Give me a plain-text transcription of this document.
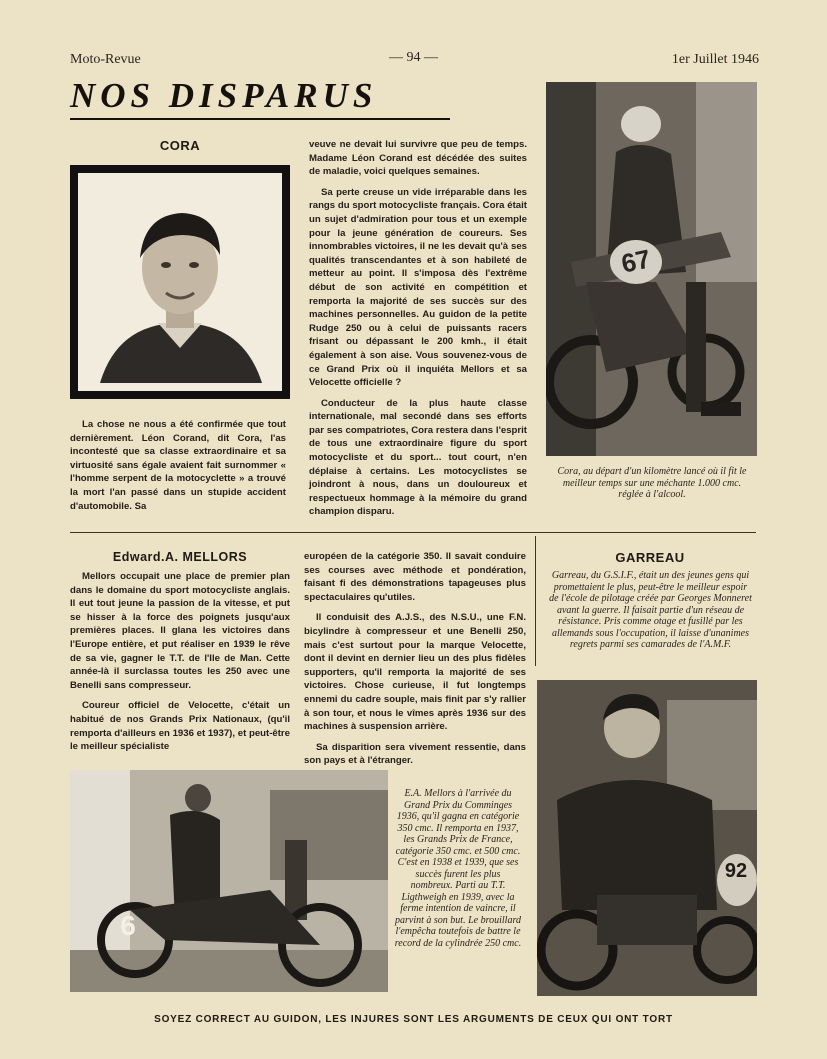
Moto-Revue	— 94 —	1er Juillet 1946
NOS DISPARUS
CORA

La chose ne nous a été confirmée que tout dernièrement. Léon Corand, dit Cora, l'as incontesté que sa classe extraordinaire et sa virtuosité sans égale avaient fait surnommer « l'homme serpent de la motocyclette » a trouvé la mort l'an passé dans un stupide accident d'automobile. Sa

veuve ne devait lui survivre que peu de temps. Madame Léon Corand est décédée des suites de maladie, voici quelques semaines.

Sa perte creuse un vide irréparable dans les rangs du sport motocycliste français. Cora était un sujet d'admiration pour tous et un exemple pour la jeune génération de coureurs. Ses innombrables victoires, il ne les devait qu'à ses qualités transcendantes et à son habileté de metteur au point. Il s'imposa dès l'extrême début de son activité en compétition et remporta la majorité de ses succès sur des machines personnelles. Au guidon de la petite Rudge 250 ou à celui de puissants racers frisant ou dépassant le 200 kmh., il était également à son aise. Vous souvenez-vous de ce Grand Prix où il inquiéta Mellors et sa Velocette officielle ?

Conducteur de la plus haute classe internationale, mal secondé dans ses efforts par ses compatriotes, Cora restera dans l'esprit de tous une extraordinaire figure du sport motocycliste et du sport... tout court, n'en déplaise à certains. Les motocyclistes se joindront à nous, dans un douloureux et respectueux hommage à la mémoire du grand champion disparu.

67
Cora, au départ d'un kilomètre lancé où il fit le meilleur temps sur une méchante 1.000 cmc. réglée à l'alcool.
Edward.A. MELLORS

Mellors occupait une place de premier plan dans le domaine du sport motocycliste anglais. Il eut tout jeune la passion de la vitesse, et put se hisser à la force des poignets jusqu'aux premières places. Il glana les victoires dans l'Europe entière, et put réaliser en 1939 le rêve de sa vie, gagner le T.T. de l'Ile de Man. Cette année-là il surclassa toutes les 250 avec une Benelli sans compresseur.

Coureur officiel de Velocette, c'était un habitué de nos Grands Prix Nationaux, (qu'il remporta d'ailleurs en 1936 et 1937), et peut-être le meilleur spécialiste

européen de la catégorie 350. Il savait conduire ses courses avec méthode et pondération, faisant fi des démonstrations tapageuses plus spectaculaires qu'utiles.

Il conduisit des A.J.S., des N.S.U., une F.N. bicylindre à compresseur et une Benelli 250, mais c'est surtout pour la marque Velocette, dont il devint en dernier lieu un des plus fidèles supporters, qu'il remporta la majorité de ses victoires. Chose curieuse, il fut longtemps ennemi du cadre souple, mais finit par s'y rallier à son tour, et nous le vîmes après 1936 sur des machines à suspension arrière.

Sa disparition sera vivement ressentie, dans son pays et à l'étranger.

6
E.A. Mellors à l'arrivée du Grand Prix du Comminges 1936, qu'il gagna en catégorie 350 cmc. Il remporta en 1937, les Grands Prix de France, catégorie 350 cmc. et 500 cmc. C'est en 1938 et 1939, que ses succès furent les plus nombreux. Parti au T.T. Ligthweigh en 1939, avec la ferme intention de vaincre, il parvint à son but. Le brouillard l'empêcha toutefois de battre le record de la cylindrée 250 cmc.
GARREAU
Garreau, du G.S.I.F., était un des jeunes gens qui promettaient le plus, peut-être le meilleur espoir de l'école de pilotage créée par Georges Monneret avant la guerre. Il faisait partie d'un réseau de résistance. Pris comme otage et fusillé par les allemands sous l'occupation, il laisse d'unanimes regrets parmi ses camarades de l'A.M.F.
92
SOYEZ CORRECT AU GUIDON, LES INJURES SONT LES ARGUMENTS DE CEUX QUI ONT TORT
